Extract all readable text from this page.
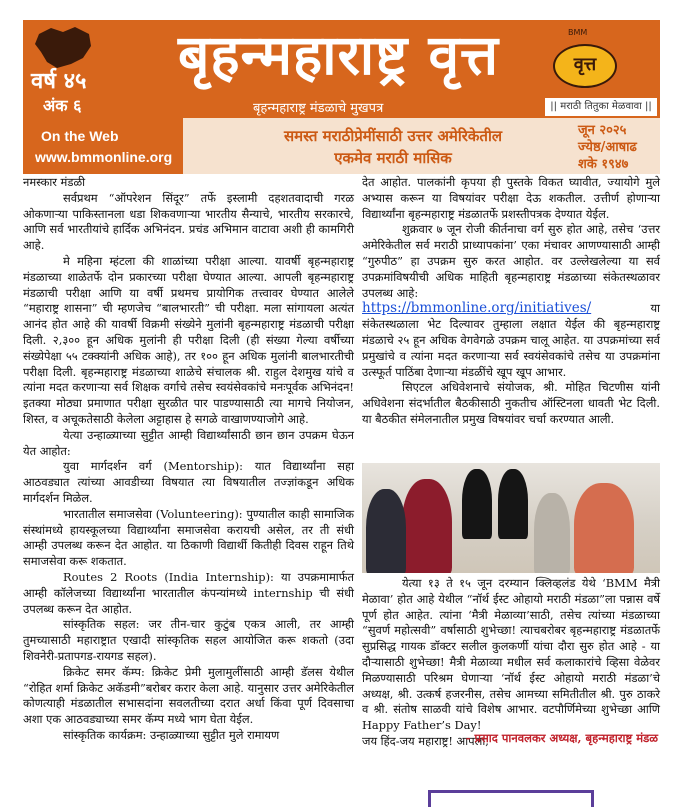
वर्ष ४५
अंक ६
बृहन्महाराष्ट्र वृत्त
बृहन्महाराष्ट्र मंडळाचे मुखपत्र
BMM
वृत्त
|| मराठी तितुका मेळवावा ||
On the Web
www.bmmonline.org
समस्त मराठीप्रेमींसाठी उत्तर अमेरिकेतील
एकमेव मराठी मासिक
जून २०२५
ज्येष्ठ/आषाढ
शके १९४७

नमस्कार मंडळी

सर्वप्रथम “ऑपरेशन सिंदूर” तर्फे इस्लामी दहशतवादाची गरळ ओकणाऱ्या पाकिस्तानला धडा शिकवणाऱ्या भारतीय सैन्याचे, भारतीय सरकारचे, आणि सर्व भारतीयांचे हार्दिक अभिनंदन. प्रचंड अभिमान वाटावा अशी ही कामगिरी आहे.

मे महिना म्हंटला की शाळांच्या परीक्षा आल्या. यावर्षी बृहन्महाराष्ट्र मंडळाच्या शाळेतर्फे दोन प्रकारच्या परीक्षा घेण्यात आल्या. आपली बृहन्महाराष्ट्र मंडळाची परीक्षा आणि या वर्षी प्रथमच प्रायोगिक तत्त्वावर घेण्यात आलेले “महाराष्ट्र शासना” ची म्हणजेच “बालभारती” ची परीक्षा. मला सांगायला अत्यंत आनंद होत आहे की यावर्षी विक्रमी संख्येने मुलांनी बृहन्महाराष्ट्र मंडळाची परीक्षा दिली. २,३०० हून अधिक मुलांनी ही परीक्षा दिली (ही संख्या गेल्या वर्षीच्या संख्येपेक्षा ५५ टक्क्यांनी अधिक आहे), तर १०० हून अधिक मुलांनी बालभारतीची परीक्षा दिली. बृहन्महाराष्ट्र मंडळाच्या शाळेचे संचालक श्री. राहुल देशमुख यांचे व त्यांना मदत करणाऱ्या सर्व शिक्षक वर्गाचे तसेच स्वयंसेवकांचे मनःपूर्वक अभिनंदन! इतक्या मोठ्या प्रमाणात परीक्षा सुरळीत पार पाडण्यासाठी त्या मागचे नियोजन, शिस्त, व अचूकतेसाठी केलेला अट्टाहास हे सगळे वाखाणण्याजोगे आहे.

येत्या उन्हाळ्याच्या सुट्टीत आम्ही विद्यार्थ्यांसाठी छान छान उपक्रम घेऊन येत आहोत:

युवा मार्गदर्शन वर्ग (Mentorship): यात विद्यार्थ्यांना सहा आठवड्यात त्यांच्या आवडीच्या विषयात त्या विषयातील तज्ज्ञांकडून अधिक मार्गदर्शन मिळेल.

भारतातील समाजसेवा (Volunteering): पुण्यातील काही सामाजिक संस्थांमध्ये हायस्कूलच्या विद्यार्थ्यांना समाजसेवा करायची असेल, तर ती संधी आम्ही उपलब्ध करून देत आहोत. या ठिकाणी विद्यार्थी कितीही दिवस राहून तिथे समाजसेवा करू शकतात.

Routes 2 Roots (India Internship): या उपक्रमामार्फत आम्ही कॉलेजच्या विद्यार्थ्यांना भारतातील कंपन्यांमध्ये internship ची संधी उपलब्ध करून देत आहोत.

सांस्कृतिक सहल: जर तीन-चार कुटुंब एकत्र आली, तर आम्ही तुमच्यासाठी महाराष्ट्रात एखादी सांस्कृतिक सहल आयोजित करू शकतो (उदा शिवनेरी-प्रतापगड-रायगड सहल).

क्रिकेट समर कॅम्प: क्रिकेट प्रेमी मुलामुलींसाठी आम्ही डॅलस येथील “रोहित शर्मा क्रिकेट अकॅडमी”बरोबर करार केला आहे. यानुसार उत्तर अमेरिकेतील कोणत्याही मंडळातील सभासदांना सवलतीच्या दरात अर्धा किंवा पूर्ण दिवसाचा अशा एक आठवड्याच्या समर कॅम्प मध्ये भाग घेता येईल.

सांस्कृतिक कार्यक्रम: उन्हाळ्याच्या सुट्टीत मुले रामायण

देत आहोत. पालकांनी कृपया ही पुस्तके विकत घ्यावीत, ज्यायोगे मुले अभ्यास करून या विषयांवर परीक्षा देऊ शकतील. उत्तीर्ण होणाऱ्या विद्यार्थ्यांना बृहन्महाराष्ट्र मंडळातर्फे प्रशस्तीपत्रक देण्यात येईल.

शुक्रवार ७ जून रोजी कीर्तनाचा वर्ग सुरु होत आहे, तसेच ‘उत्तर अमेरिकेतील सर्व मराठी प्राध्यापकांना’ एका मंचावर आणण्यासाठी आम्ही “गुरुपीठ” हा उपक्रम सुरु करत आहोत. वर उल्लेखलेल्या या सर्व उपक्रमांविषयीची अधिक माहिती बृहन्महाराष्ट्र मंडळाच्या संकेतस्थळावर उपलब्ध आहे:

https://bmmonline.org/initiatives/	या

संकेतस्थळाला भेट दिल्यावर तुम्हाला लक्षात येईल की बृहन्महाराष्ट्र मंडळाचे २५ हून अधिक वेगवेगळे उपक्रम चालू आहेत. या उपक्रमांच्या सर्व प्रमुखांचे व त्यांना मदत करणाऱ्या सर्व स्वयंसेवकांचे तसेच या उपक्रमांना उत्स्फूर्त पाठिंबा देणाऱ्या मंडळींचे खूप खूप आभार.

सिएटल अधिवेशनाचे संयोजक, श्री. मोहित चिटणीस यांनी अधिवेशना संदर्भातील बैठकीसाठी नुकतीच ऑस्टिनला धावती भेट दिली. या बैठकीत संमेलनातील प्रमुख विषयांवर चर्चा करण्यात आली.

येत्या १३ ते १५ जून दरम्यान क्लिव्हलंड येथे ‘BMM मैत्री मेळावा’ होत आहे येथील “नॉर्थ ईस्ट ओहायो मराठी मंडळा”ला पन्नास वर्षे पूर्ण होत आहेत. त्यांना ‘मैत्री मेळाव्या’साठी, तसेच त्यांच्या मंडळाच्या “सुवर्ण महोत्सवी” वर्षासाठी शुभेच्छा! त्याचबरोबर बृहन्महाराष्ट्र मंडळातर्फे सुप्रसिद्ध गायक डॉक्टर सलील कुलकर्णी यांचा दौरा सुरु होत आहे - या दौऱ्यासाठी शुभेच्छा! मैत्री मेळाव्या मधील सर्व कलाकारांचे व्हिसा वेळेवर मिळण्यासाठी परिश्रम घेणाऱ्या ‘नॉर्थ ईस्ट ओहायो मराठी मंडळा’चे अध्यक्ष, श्री. उत्कर्ष हजरनीस, तसेच आमच्या समितीतील श्री. पुरु ठाकरे व श्री. संतोष साळवी यांचे विशेष आभार. वटपौर्णिमेच्या शुभेच्छा आणि Happy Father’s Day!

जय हिंद-जय महाराष्ट्र! आपला,

- प्रसाद पानवलकर अध्यक्ष, बृहन्महाराष्ट्र मंडळ
